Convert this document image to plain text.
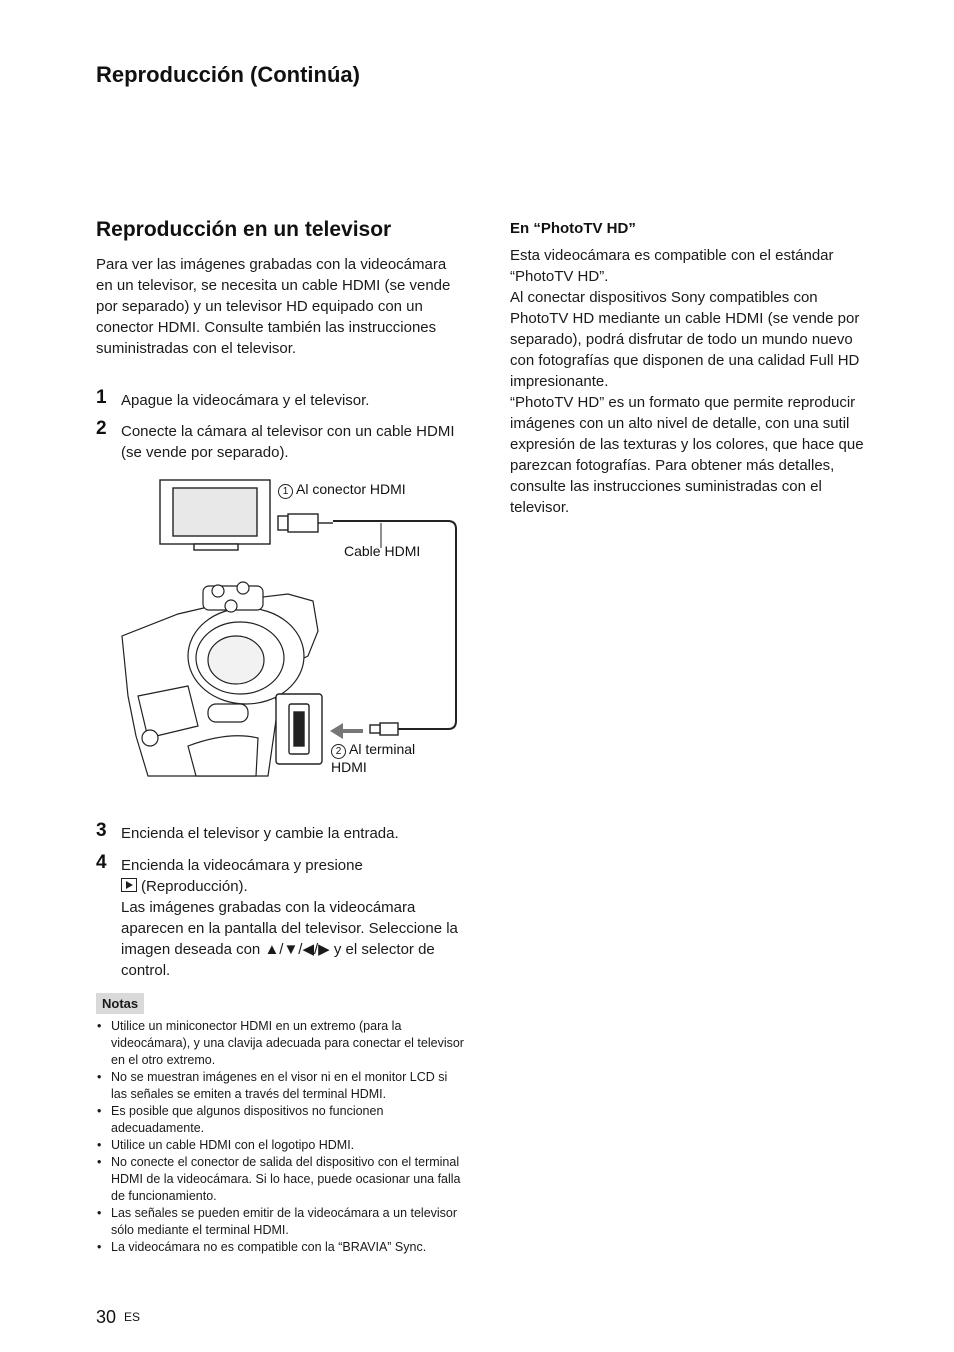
Reproducción (Continúa)
Reproducción en un televisor
Para ver las imágenes grabadas con la videocámara en un televisor, se necesita un cable HDMI (se vende por separado) y un televisor HD equipado con un conector HDMI. Consulte también las instrucciones suministradas con el televisor.
1 Apague la videocámara y el televisor.
2 Conecte la cámara al televisor con un cable HDMI (se vende por separado).
1 Al conector HDMI
Cable HDMI
2 Al terminal
HDMI
3 Encienda el televisor y cambie la entrada.
4 Encienda la videocámara y presione
(Reproducción).
Las imágenes grabadas con la videocámara aparecen en la pantalla del televisor. Seleccione la imagen deseada con ▲/▼/◀/▶ y el selector de control.
Notas
• Utilice un miniconector HDMI en un extremo (para la videocámara), y una clavija adecuada para conectar el televisor en el otro extremo.
• No se muestran imágenes en el visor ni en el monitor LCD si las señales se emiten a través del terminal HDMI.
• Es posible que algunos dispositivos no funcionen adecuadamente.
• Utilice un cable HDMI con el logotipo HDMI.
• No conecte el conector de salida del dispositivo con el terminal HDMI de la videocámara. Si lo hace, puede ocasionar una falla de funcionamiento.
• Las señales se pueden emitir de la videocámara a un televisor sólo mediante el terminal HDMI.
• La videocámara no es compatible con la “BRAVIA” Sync.
En “PhotoTV HD”
Esta videocámara es compatible con el estándar “PhotoTV HD”.
Al conectar dispositivos Sony compatibles con PhotoTV HD mediante un cable HDMI (se vende por separado), podrá disfrutar de todo un mundo nuevo con fotografías que disponen de una calidad Full HD impresionante.
“PhotoTV HD” es un formato que permite reproducir imágenes con un alto nivel de detalle, con una sutil expresión de las texturas y los colores, que hace que parezcan fotografías. Para obtener más detalles, consulte las instrucciones suministradas con el televisor.
30 ES
